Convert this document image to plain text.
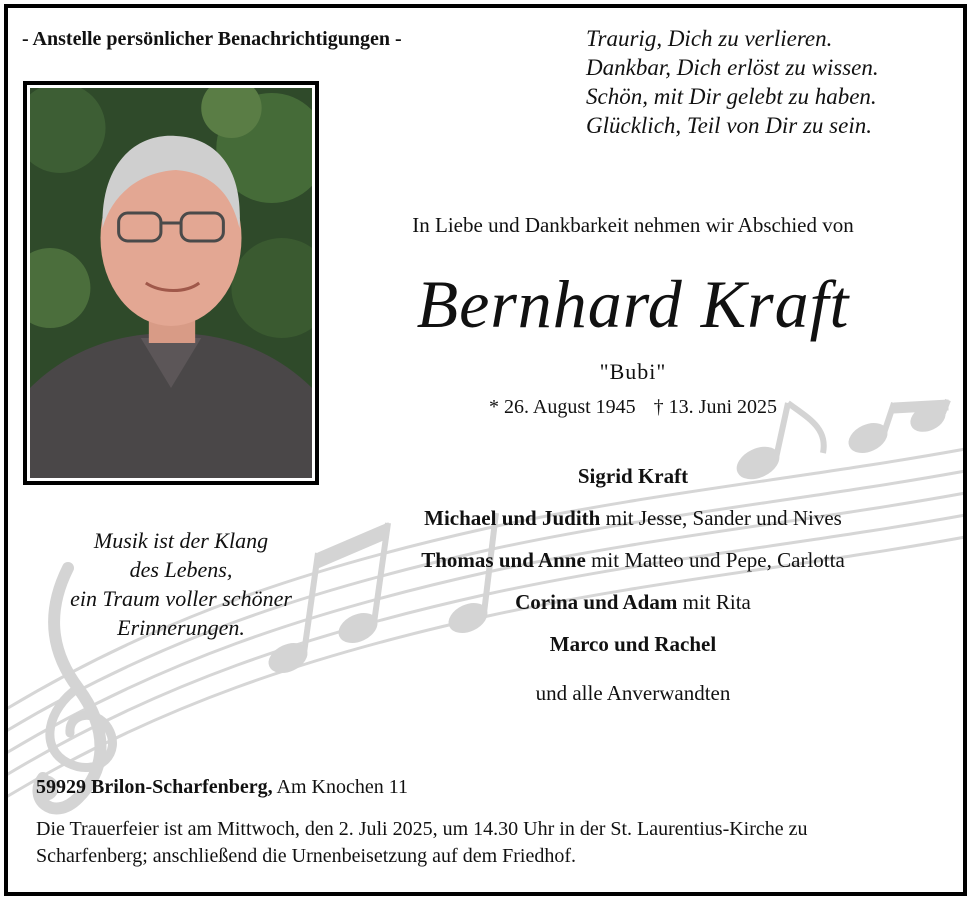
- Anstelle persönlicher Benachrichtigungen -	Traurig, Dich zu verlieren.
Dankbar, Dich erlöst zu wissen.
Schön, mit Dir gelebt zu haben.
Glücklich, Teil von Dir zu sein.
In Liebe und Dankbarkeit nehmen wir Abschied von
Bernhard Kraft
"Bubi"
* 26. August 1945 † 13. Juni 2025
Musik ist der Klang
des Lebens,
ein Traum voller schöner
Erinnerungen.
Sigrid Kraft
Michael und Judith mit Jesse, Sander und Nives
Thomas und Anne mit Matteo und Pepe, Carlotta
Corina und Adam mit Rita
Marco und Rachel
und alle Anverwandten
59929 Brilon-Scharfenberg, Am Knochen 11
Die Trauerfeier ist am Mittwoch, den 2. Juli 2025, um 14.30 Uhr in der St. Laurentius-Kirche zu Scharfenberg; anschließend die Urnenbeisetzung auf dem Friedhof.
